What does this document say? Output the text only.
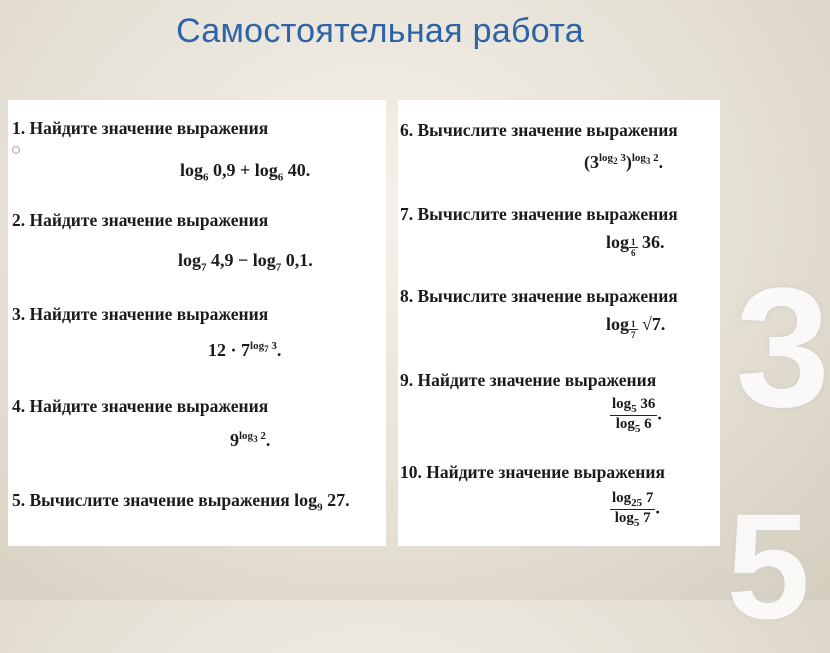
Самостоятельная работа
3
5
1. Найдите значение выражения
$\log_6 0,9 + \log_6 40$.
2. Найдите значение выражения
$\log_7 4,9 - \log_7 0,1$.
3. Найдите значение выражения
$12 \cdot 7^{log_7 3}$.
4. Найдите значение выражения
$9^{log_3 2}$.
5. Вычислите значение выражения $\log_9 27$.
6. Вычислите значение выражения
$(3^{log_2 3})^{log_3 2}$.
7. Вычислите значение выражения
$\log \frac{1}{6} 36$.
8. Вычислите значение выражения
$\log \frac{1}{7} √7$.
9. Найдите значение выражения
$\frac{\log_5 36}{\log_5 6}$ .
10. Найдите значение выражения
$\frac{\log_{25} 7}{\log_5 7}$ .
